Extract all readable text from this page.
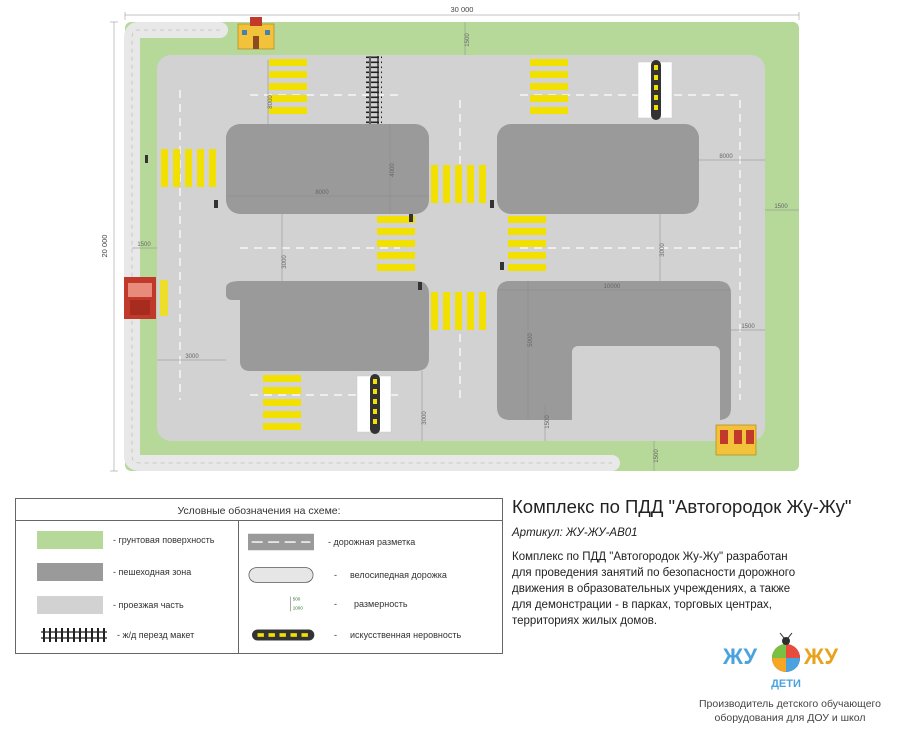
30 000
20 000
1500
1500
1500
8000
8000
10000
4000
1500
3000
3000
5000
1500
3000
3000
8000
1500
Условные обозначения на схеме:
- грунтовая поверхность
- пешеходная зона
- проезжая часть
- ж/д перезд макет
- дорожная разметка
- велосипедная дорожка
500
1000	- размерность
- искусственная неровность
Комплекс по ПДД "Автогородок Жу-Жу"
Артикул: ЖУ-ЖУ-АВ01
Комплекс по ПДД "Автогородок Жу-Жу" разработан
для проведения занятий по безопасности дорожного
движения в образовательных учреждениях, а также
для демонстрации - в парках, торговых центрах,
территориях жилых домов.
ЖУ ЖУ
ДЕТИ
Производитель детского обучающего
оборудования для ДОУ и школ
